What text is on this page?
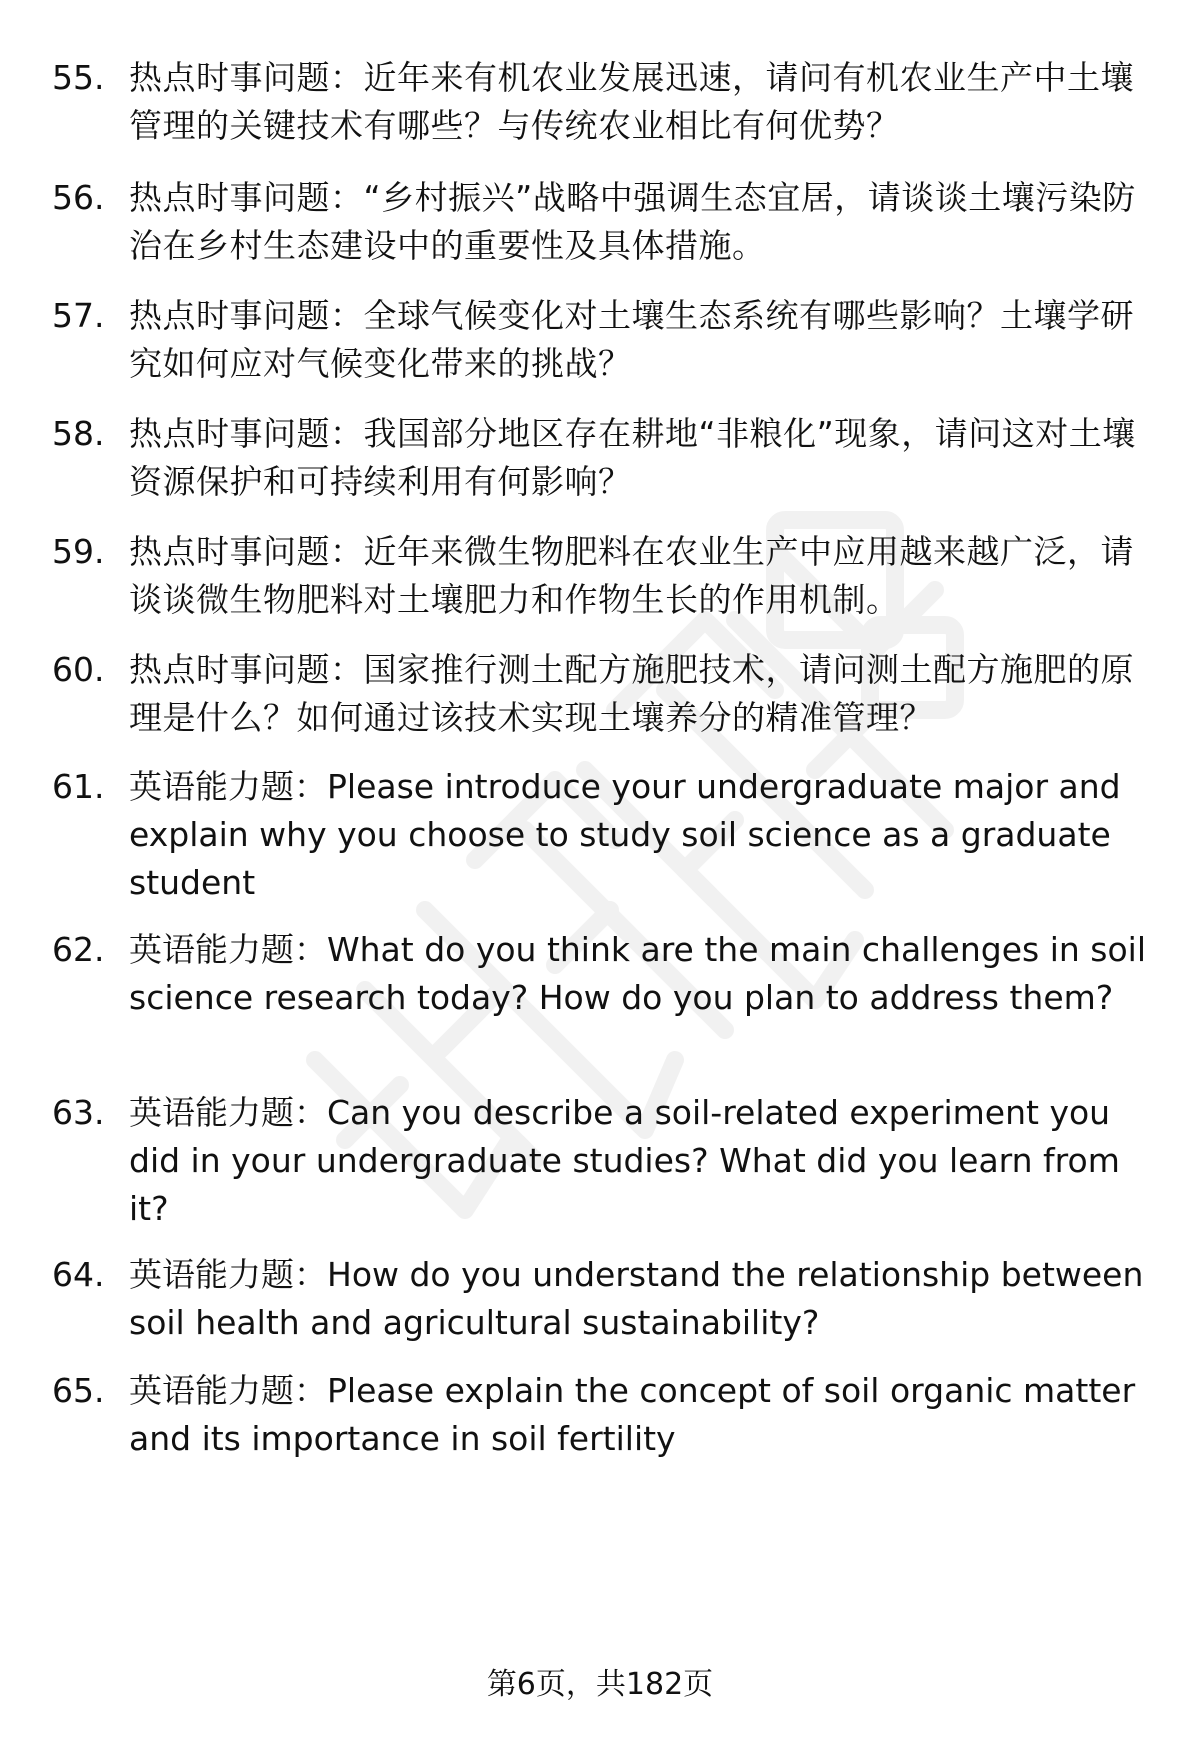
55. 热点时事问题：近年来有机农业发展迅速，请问有机农业生产中土壤管理的关键技术有哪些？与传统农业相比有何优势？
56. 热点时事问题：“乡村振兴”战略中强调生态宜居，请谈谈土壤污染防治在乡村生态建设中的重要性及具体措施。
57. 热点时事问题：全球气候变化对土壤生态系统有哪些影响？土壤学研究如何应对气候变化带来的挑战？
58. 热点时事问题：我国部分地区存在耕地“非粮化”现象，请问这对土壤资源保护和可持续利用有何影响？
59. 热点时事问题：近年来微生物肥料在农业生产中应用越来越广泛，请谈谈微生物肥料对土壤肥力和作物生长的作用机制。
60. 热点时事问题：国家推行测土配方施肥技术，请问测土配方施肥的原理是什么？如何通过该技术实现土壤养分的精准管理？
61. 英语能力题：Please introduce your undergraduate major and explain why you choose to study soil science as a graduate student
62. 英语能力题：What do you think are the main challenges in soil science research today? How do you plan to address them?
63. 英语能力题：Can you describe a soil-related experiment you did in your undergraduate studies? What did you learn from it?
64. 英语能力题：How do you understand the relationship between soil health and agricultural sustainability?
65. 英语能力题：Please explain the concept of soil organic matter and its importance in soil fertility
第6页，共182页
